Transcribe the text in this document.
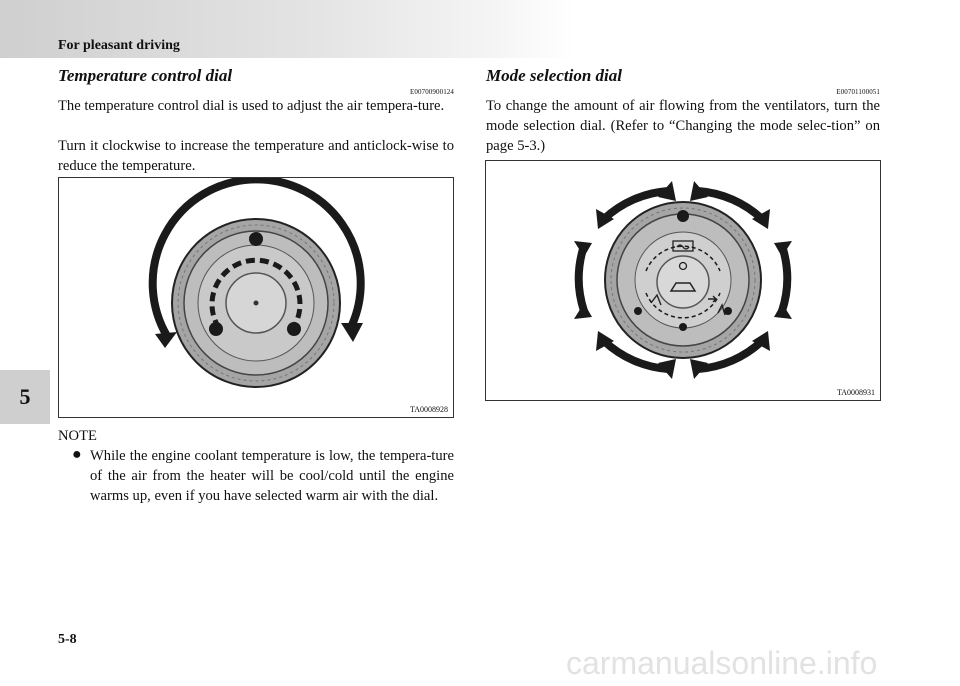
For pleasant driving
5
Temperature control dial
E00700900124

The temperature control dial is used to adjust the air tempera-ture.

Turn it clockwise to increase the temperature and anticlock-wise to reduce the temperature.

TA0008928
NOTE
● While the engine coolant temperature is low, the tempera-ture of the air from the heater will be cool/cold until the engine warms up, even if you have selected warm air with the dial.
Mode selection dial
E00701100051

To change the amount of air flowing from the ventilators, turn the mode selection dial. (Refer to “Changing the mode selec-tion” on page 5-3.)

TA0008931
5-8
carmanualsonline.info
